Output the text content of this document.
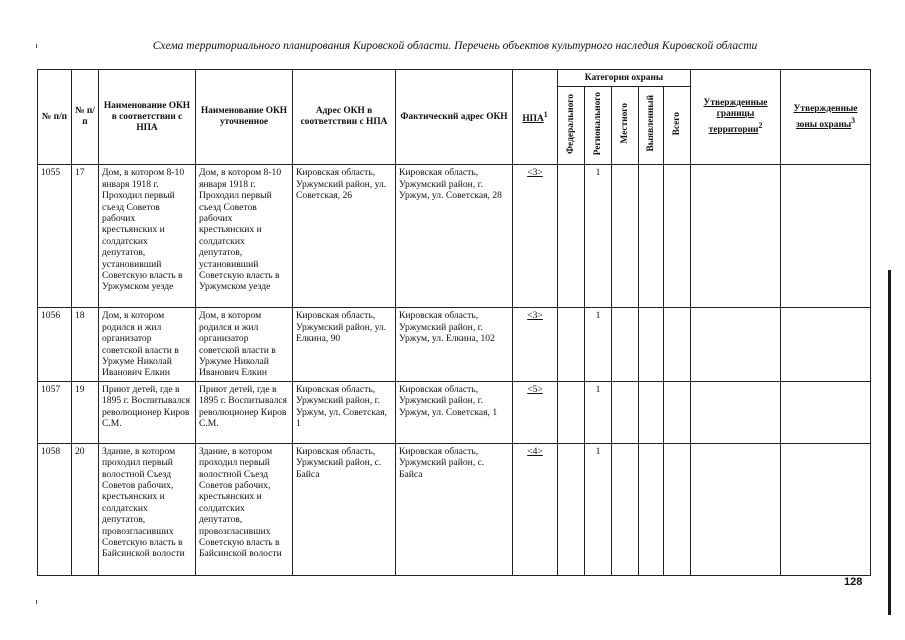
Схема территориального планирования Кировской области. Перечень объектов культурного наследия Кировской области
№ п/п	№ п/п	Наименование ОКН в соответствии с НПА	Наименование ОКН уточненное	Адрес ОКН в соответствии с НПА	Фактический адрес ОКН	НПА$^1$	Категория охраны					Утвержденные границы территории$^2$	Утвержденные зоны охраны$^3$
							Федерального	Регионального	Местного	Выявленный	Всего		
1055	17	Дом, в котором 8-10 января 1918 г. Проходил первый съезд Советов рабочих крестьянских и солдатских депутатов, установивший Советскую власть в Уржумском уезде	Дом, в котором 8-10 января 1918 г. Проходил первый съезд Советов рабочих крестьянских и солдатских депутатов, установивший Советскую власть в Уржумском уезде	Кировская область, Уржумский район, ул. Советская, 26	Кировская область, Уржумский район, г. Уржум, ул. Советская, 28	<3>		1					
1056	18	Дом, в котором родился и жил организатор советской власти в Уржуме Николай Иванович Елкин	Дом, в котором родился и жил организатор советской власти в Уржуме Николай Иванович Елкин	Кировская область, Уржумский район, ул. Елкина, 90	Кировская область, Уржумский район, г. Уржум, ул. Елкина, 102	<3>		1					
1057	19	Приют детей, где в 1895 г. Воспитывался революционер Киров С.М.	Приют детей, где в 1895 г. Воспитывался революционер Киров С.М.	Кировская область, Уржумский район, г. Уржум, ул. Советская, 1	Кировская область, Уржумский район, г. Уржум, ул. Советская, 1	<5>		1					
1058	20	Здание, в котором проходил первый волостной Съезд Советов рабочих, крестьянских и солдатских депутатов, провозгласивших Советскую власть в Байсинской волости	Здание, в котором проходил первый волостной Съезд Советов рабочих, крестьянских и солдатских депутатов, провозгласивших Советскую власть в Байсинской волости	Кировская область, Уржумский район, с. Байса	Кировская область, Уржумский район, с. Байса	<4>		1					
128
